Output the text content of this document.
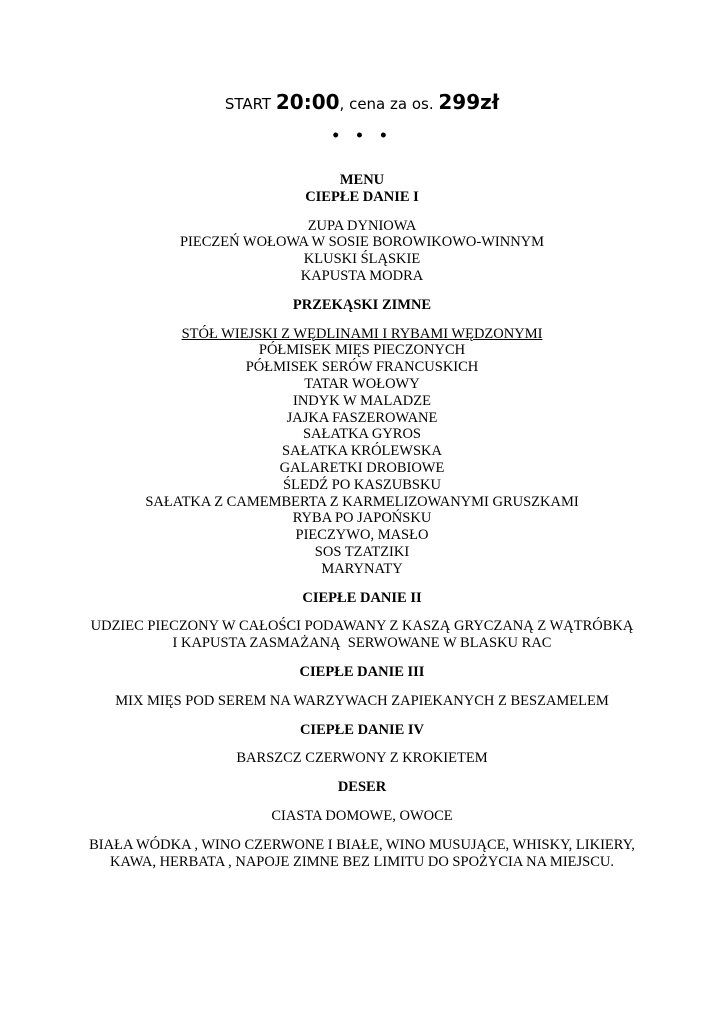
START 20:00, cena za os. 299zł
• • •
MENU
CIEPŁE DANIE I
ZUPA DYNIOWA
PIECZEŃ WOŁOWA W SOSIE BOROWIKOWO-WINNYM
KLUSKI ŚLĄSKIE
KAPUSTA MODRA
PRZEKĄSKI ZIMNE
STÓŁ WIEJSKI Z WĘDLINAMI I RYBAMI WĘDZONYMI
PÓŁMISEK MIĘS PIECZONYCH
PÓŁMISEK SERÓW FRANCUSKICH
TATAR WOŁOWY
INDYK W MALADZE
JAJKA FASZEROWANE
SAŁATKA GYROS
SAŁATKA KRÓLEWSKA
GALARETKI DROBIOWE
ŚLEDŹ PO KASZUBSKU
SAŁATKA Z CAMEMBERTA Z KARMELIZOWANYMI GRUSZKAMI
RYBA PO JAPOŃSKU
PIECZYWO, MASŁO
SOS TZATZIKI
MARYNATY
CIEPŁE DANIE II
UDZIEC PIECZONY W CAŁOŚCI PODAWANY Z KASZĄ GRYCZANĄ Z WĄTRÓBKĄ
I KAPUSTA ZASMAŻANĄ  SERWOWANE W BLASKU RAC
CIEPŁE DANIE III
MIX MIĘS POD SEREM NA WARZYWACH ZAPIEKANYCH Z BESZAMELEM
CIEPŁE DANIE IV
BARSZCZ CZERWONY Z KROKIETEM
DESER
CIASTA DOMOWE, OWOCE
BIAŁA WÓDKA , WINO CZERWONE I BIAŁE, WINO MUSUJĄCE, WHISKY, LIKIERY,
KAWA, HERBATA , NAPOJE ZIMNE BEZ LIMITU DO SPOŻYCIA NA MIEJSCU.
